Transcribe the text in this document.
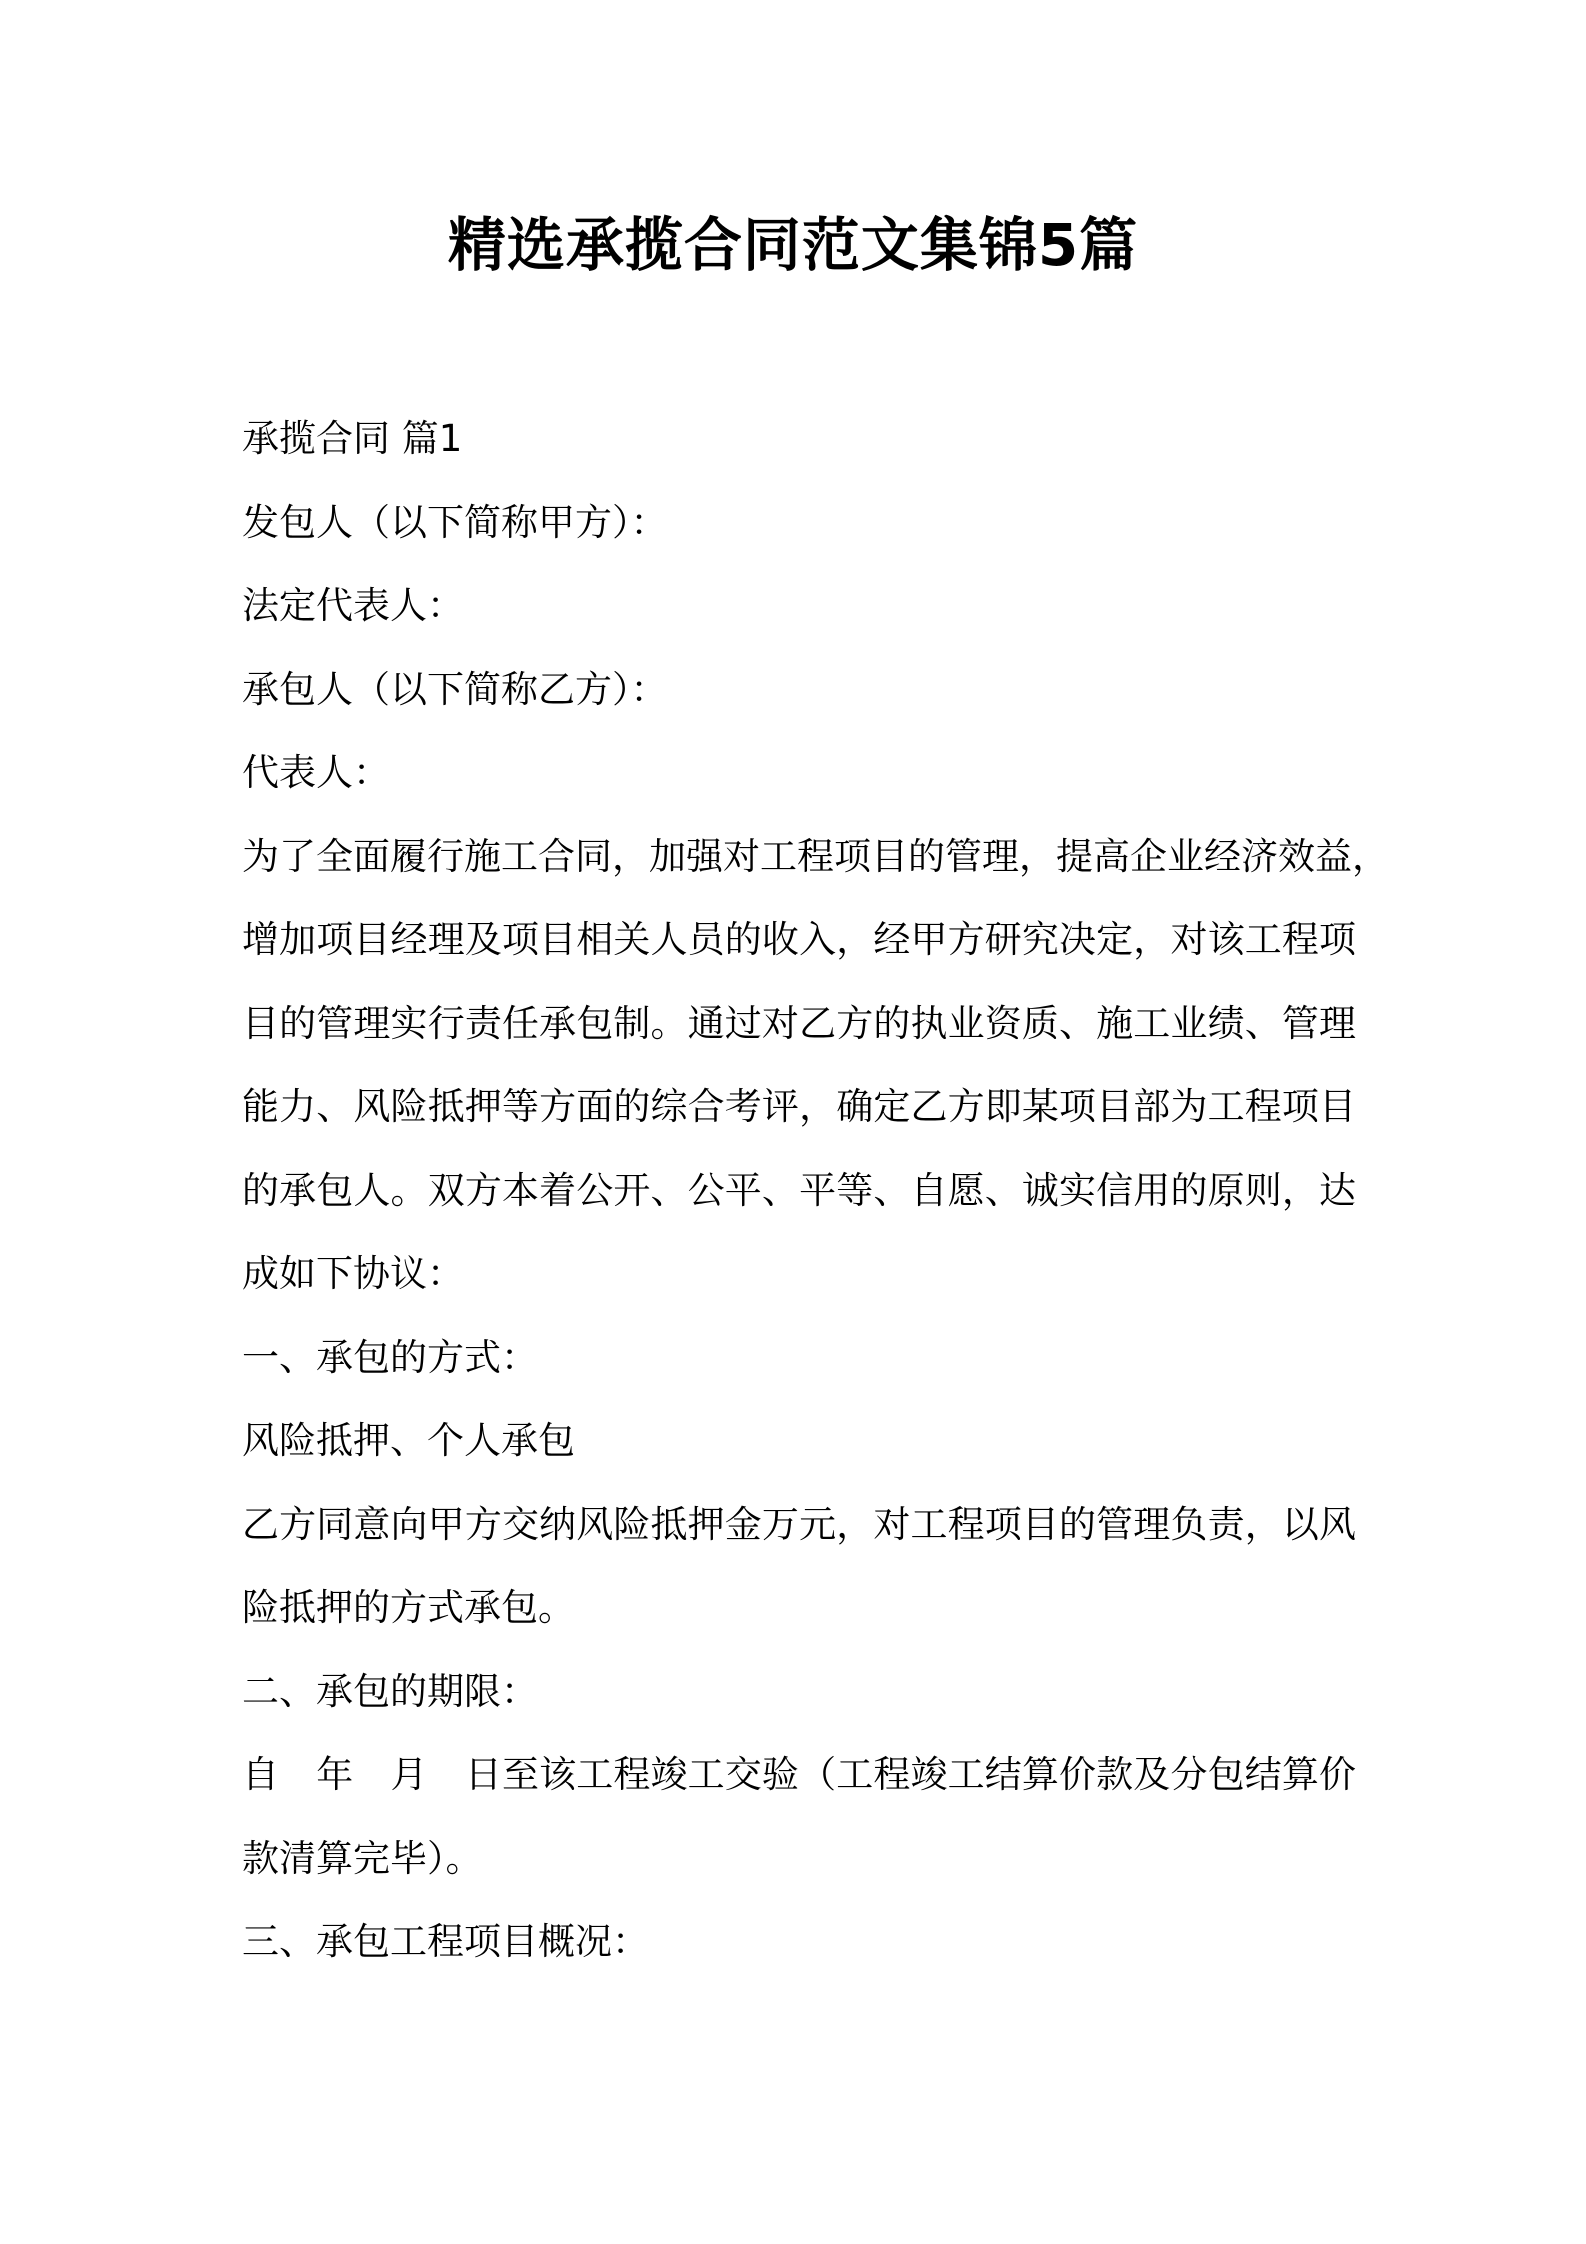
精选承揽合同范文集锦5篇

承揽合同 篇1

发包人（以下简称甲方）：

法定代表人：

承包人（以下简称乙方）：

代表人：

为了全面履行施工合同，加强对工程项目的管理，提高企业经济效益，

增加项目经理及项目相关人员的收入，经甲方研究决定，对该工程项

目的管理实行责任承包制。通过对乙方的执业资质、施工业绩、管理

能力、风险抵押等方面的综合考评，确定乙方即某项目部为工程项目

的承包人。双方本着公开、公平、平等、自愿、诚实信用的原则，达

成如下协议：

一、承包的方式：

风险抵押、个人承包

乙方同意向甲方交纳风险抵押金万元，对工程项目的管理负责，以风

险抵押的方式承包。

二、承包的期限：

自　年　月　日至该工程竣工交验（工程竣工结算价款及分包结算价

款清算完毕）。

三、承包工程项目概况：
